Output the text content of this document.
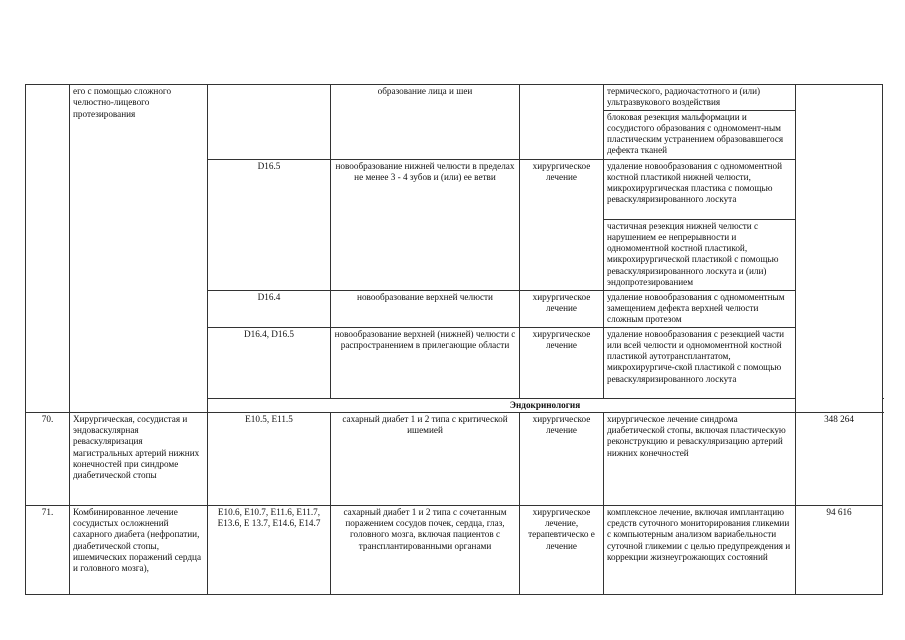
	его с помощью сложного челюстно-лицевого протезирования		образование лица и шеи		термического, радиочастотного и (или) ультразвукового воздействия	
					блоковая резекция мальформации и сосудистого образования с одномомент-ным пластическим устранением образовавшегося дефекта тканей	
		D16.5	новообразование нижней челюсти в пределах не менее 3 - 4 зубов и (или) ее ветви	хирургическое лечение	удаление новообразования с одномоментной костной пластикой нижней челюсти, микрохирургическая пластика с помощью реваскуляризированного лоскута	
					частичная резекция нижней челюсти с нарушением ее непрерывности и одномоментной костной пластикой, микрохирургической пластикой с помощью реваскуляризированного лоскута и (или) эндопротезированием	
		D16.4	новообразование верхней челюсти	хирургическое лечение	удаление новообразования с одномоментным замещением дефекта верхней челюсти сложным протезом	
		D16.4, D16.5	новообразование верхней (нижней) челюсти с распространением в прилегающие области	хирургическое лечение	удаление новообразования с резекцией части или всей челюсти и одномоментной костной пластикой аутотрансплантатом, микрохирургиче-ской пластикой с помощью реваскуляризированного лоскута	
		Эндокринология				
70.	Хирургическая, сосудистая и эндоваскулярная реваскуляризация магистральных артерий нижних конечностей при синдроме диабетической стопы	E10.5, E11.5	сахарный диабет 1 и 2 типа с критической ишемией	хирургическое лечение	хирургическое лечение синдрома диабетической стопы, включая пластическую реконструкцию и реваскуляризацию артерий нижних конечностей	348 264
71.	Комбинированное лечение сосудистых осложнений сахарного диабета (нефропатии, диабетической стопы, ишемических поражений сердца и головного мозга),	E10.6, E10.7, E11.6, E11.7, E13.6, E 13.7, E14.6, E14.7	сахарный диабет 1 и 2 типа с сочетанным поражением сосудов почек, сердца, глаз, головного мозга, включая пациентов с трансплантированными органами	хирургическое лечение, терапевтическо е лечение	комплексное лечение, включая имплантацию средств суточного мониторирования гликемии с компьютерным анализом вариабельности суточной гликемии с целью предупреждения и коррекции жизнеугрожающих состояний	94 616
